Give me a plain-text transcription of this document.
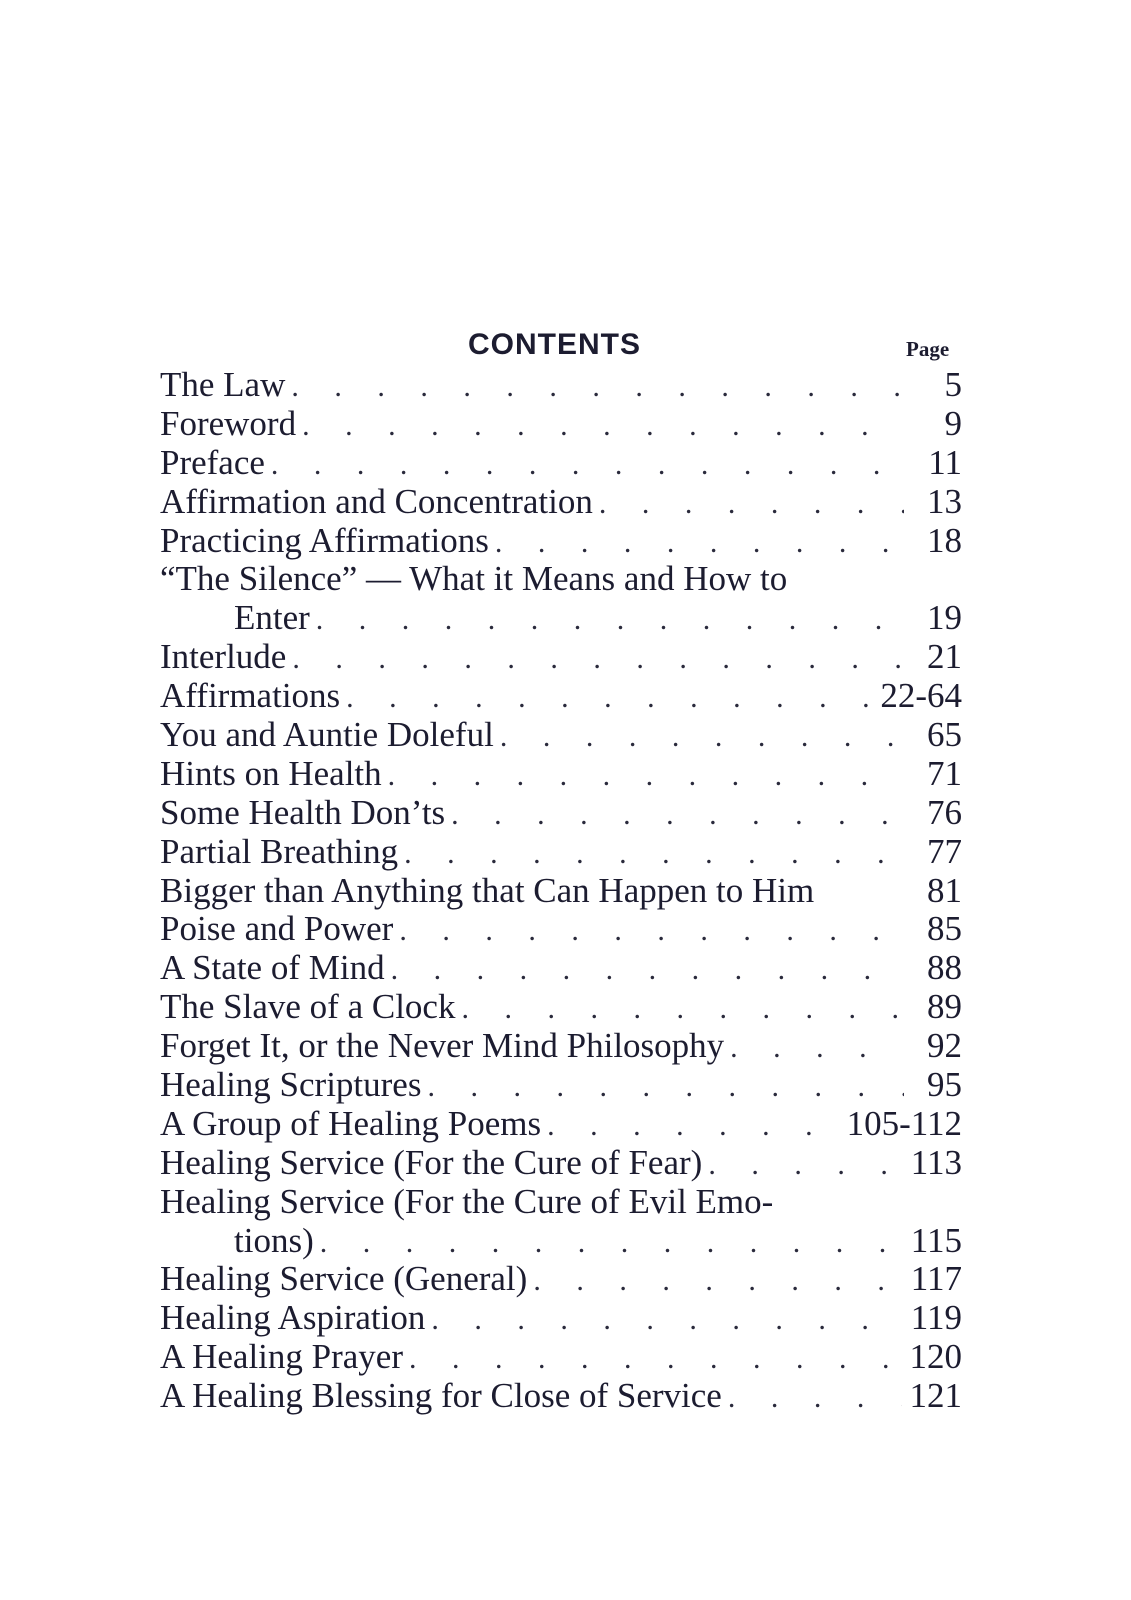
CONTENTS	Page
The Law . . .	5
Foreword . . .	9
Preface . . .	11
Affirmation and Concentration . . .	13
Practicing Affirmations . . .	18
“The Silence” — What it Means and How to
Enter . . .	19
Interlude . . .	21
Affirmations . . .	22-64
You and Auntie Doleful . . .	65
Hints on Health . . .	71
Some Health Don’ts . . .	76
Partial Breathing . . .	77
Bigger than Anything that Can Happen to Him	81
Poise and Power . . .	85
A State of Mind . . .	88
The Slave of a Clock . . .	89
Forget It, or the Never Mind Philosophy . . .	92
Healing Scriptures . . .	95
A Group of Healing Poems . . .	105-112
Healing Service (For the Cure of Fear) . . .	113
Healing Service (For the Cure of Evil Emo-
tions) . . .	115
Healing Service (General) . . .	117
Healing Aspiration . . .	119
A Healing Prayer . . .	120
A Healing Blessing for Close of Service . . .	121
